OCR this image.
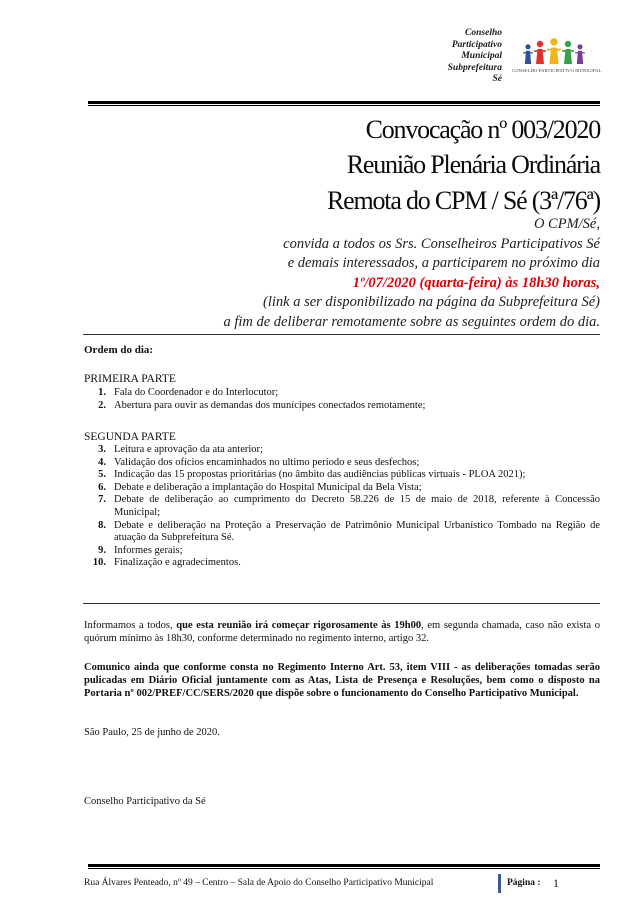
Conselho
Participativo
Municipal
Subprefeitura
Sé
CONSELHO PARTICIPATIVO MUNICIPAL
Convocação nº 003/2020
Reunião Plenária Ordinária
Remota do CPM / Sé (3ª/76ª)
O CPM/Sé,
convida a todos os Srs. Conselheiros Participativos Sé
e demais interessados, a participarem no próximo dia
1º/07/2020 (quarta-feira) às 18h30 horas,
(link a ser disponibilizado na página da Subprefeitura Sé)
a fim de deliberar remotamente sobre as seguintes ordem do dia.
Ordem do dia:
PRIMEIRA PARTE
1. Fala do Coordenador e do Interlocutor;
2. Abertura para ouvir as demandas dos munícipes conectados remotamente;
SEGUNDA PARTE
3. Leitura e aprovação da ata anterior;
4. Validação dos ofícios encaminhados no ultimo período e seus desfechos;
5. Indicação das 15 propostas prioritárias (no âmbito das audiências públicas virtuais - PLOA 2021);
6. Debate e deliberação a implantação do Hospital Municipal da Bela Vista;
7. Debate de deliberação ao cumprimento do Decreto 58.226 de 15 de maio de 2018, referente à Concessão Municipal;
8. Debate e deliberação na Proteção a Preservação de Patrimônio Municipal Urbanístico Tombado na Região de atuação da Subprefeitura Sé.
9. Informes gerais;
10. Finalização e agradecimentos.
Informamos a todos, que esta reunião irá começar rigorosamente às 19h00, em segunda chamada, caso não exista o quórum mínimo às 18h30, conforme determinado no regimento interno, artigo 32.
Comunico ainda que conforme consta no Regimento Interno Art. 53, item VIII - as deliberações tomadas serão pulicadas em Diário Oficial juntamente com as Atas, Lista de Presença e Resoluções, bem como o disposto na Portaria nº 002/PREF/CC/SERS/2020 que dispõe sobre o funcionamento do Conselho Participativo Municipal.
São Paulo, 25 de junho de 2020.
Conselho Participativo da Sé
Rua Álvares Penteado, nº 49 – Centro – Sala de Apoio do Conselho Participativo Municipal	Página : 1
